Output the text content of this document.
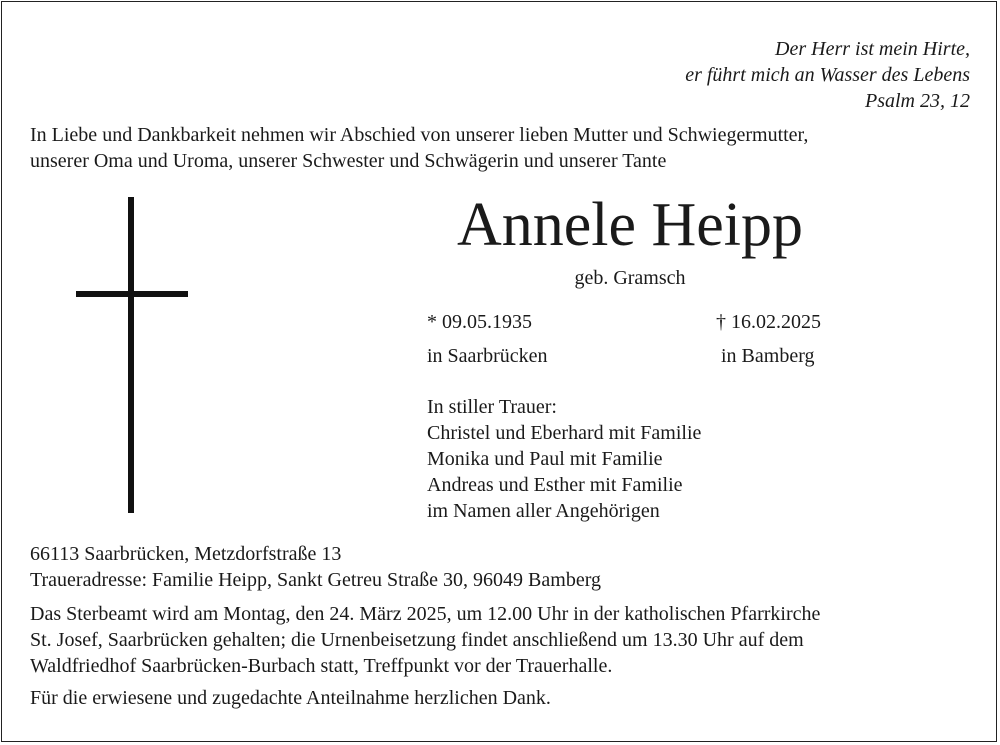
Der Herr ist mein Hirte,
er führt mich an Wasser des Lebens
Psalm 23, 12
In Liebe und Dankbarkeit nehmen wir Abschied von unserer lieben Mutter und Schwiegermutter,
unserer Oma und Uroma, unserer Schwester und Schwägerin und unserer Tante
Annele Heipp
geb. Gramsch
* 09.05.1935
in Saarbrücken
† 16.02.2025
in Bamberg
In stiller Trauer:
Christel und Eberhard mit Familie
Monika und Paul mit Familie
Andreas und Esther mit Familie
im Namen aller Angehörigen
66113 Saarbrücken, Metzdorfstraße 13
Traueradresse: Familie Heipp, Sankt Getreu Straße 30, 96049 Bamberg
Das Sterbeamt wird am Montag, den 24. März 2025, um 12.00 Uhr in der katholischen Pfarrkirche
St. Josef, Saarbrücken gehalten; die Urnenbeisetzung findet anschließend um 13.30 Uhr auf dem
Waldfriedhof Saarbrücken-Burbach statt, Treffpunkt vor der Trauerhalle.
Für die erwiesene und zugedachte Anteilnahme herzlichen Dank.
